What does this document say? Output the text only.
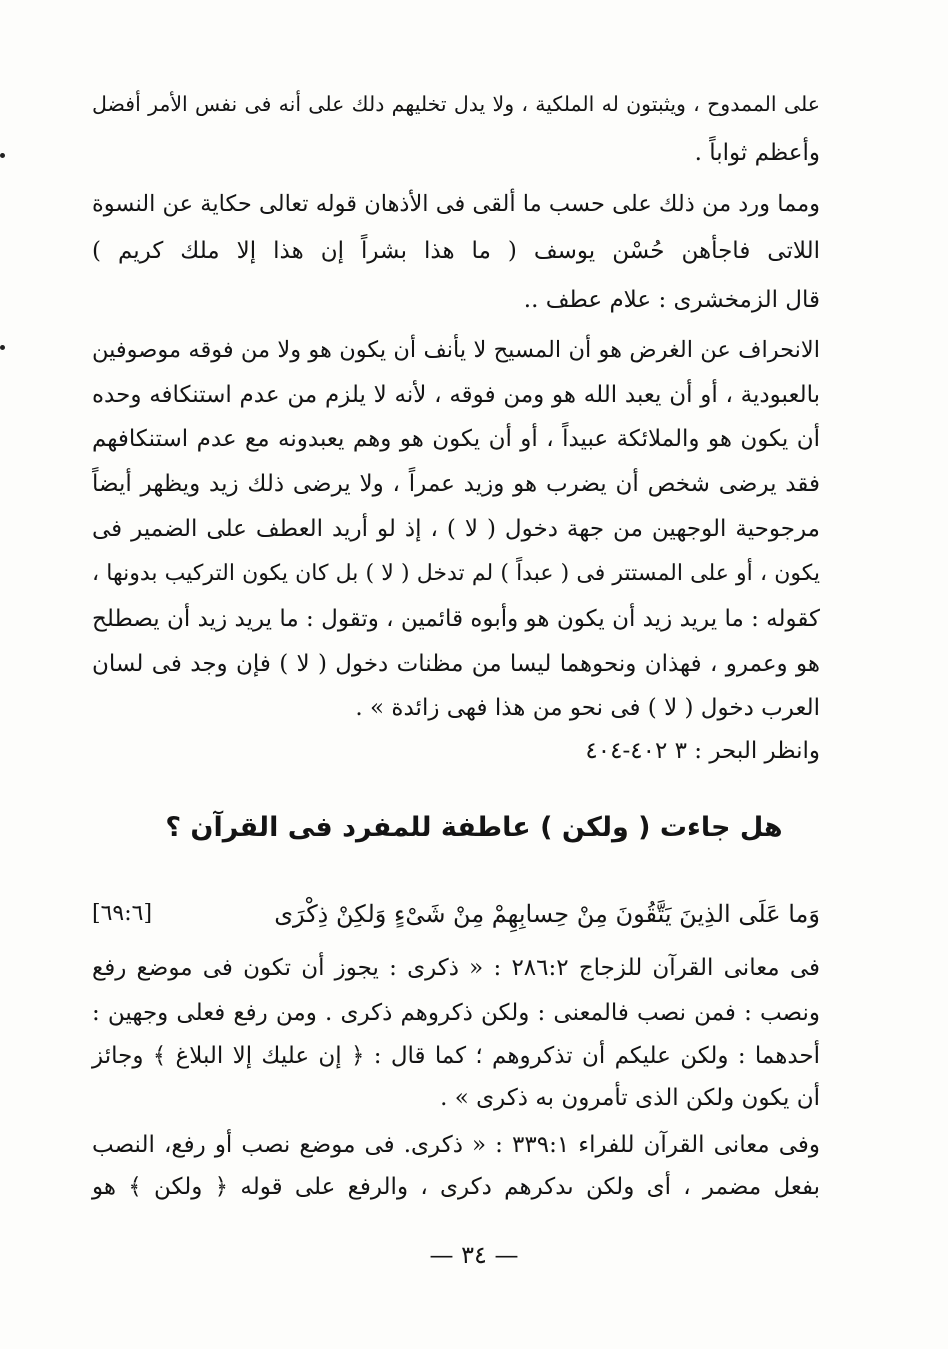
على الممدوح ، ويثبتون له الملكية ، ولا يدل تخليهم دلك على أنه فى نفس الأمر أفضل
وأعظم ثواباً .
ومما ورد من ذلك على حسب ما ألقى فى الأذهان قوله تعالى حكاية عن النسوة
اللاتى فاجأهن حُسْن يوسف ( ما هذا بشراً إن هذا إلا ملك كريم )
قال الزمخشرى : علام عطف ..
الانحراف عن الغرض هو أن المسيح لا يأنف أن يكون هو ولا من فوقه موصوفين
بالعبودية ، أو أن يعبد الله هو ومن فوقه ، لأنه لا يلزم من عدم استنكافه وحده
أن يكون هو والملائكة عبيداً ، أو أن يكون هو وهم يعبدونه مع عدم استنكافهم
فقد يرضى شخص أن يضرب هو وزيد عمراً ، ولا يرضى ذلك زيد ويظهر أيضاً
مرجوحية الوجهين من جهة دخول ( لا ) ، إذ لو أريد العطف على الضمير فى
يكون ، أو على المستتر فى ( عبداً ) لم تدخل ( لا ) بل كان يكون التركيب بدونها ،
كقوله : ما يريد زيد أن يكون هو وأبوه قائمين ، وتقول : ما يريد زيد أن يصطلح
هو وعمرو ، فهذان ونحوهما ليسا من مظنات دخول ( لا ) فإن وجد فى لسان
العرب دخول ( لا ) فى نحو من هذا فهى زائدة » .
وانظر البحر : ٣ ٤٠٢-٤٠٤
هل جاءت ( ولكن ) عاطفة للمفرد فى القرآن ؟
وَما عَلَى الذِينَ يَتَّقُونَ مِنْ حِسابِهِمْ مِنْ شَىْءٍ وَلكِنْ ذِكْرَى
[٦٩:٦]
فى معانى القرآن للزجاج ٢٨٦:٢ : « ذكرى : يجوز أن تكون فى موضع رفع
ونصب : فمن نصب فالمعنى : ولكن ذكروهم ذكرى . ومن رفع فعلى وجهين :
أحدهما : ولكن عليكم أن تذكروهم ؛ كما قال : ﴿ إن عليك إلا البلاغ ﴾ وجائز
أن يكون ولكن الذى تأمرون به ذكرى » .
وفى معانى القرآن للفراء ٣٣٩:١ : « ذكرى. فى موضع نصب أو رفع، النصب
بفعل مضمر ، أى ولكن ىدكرهم دكرى ، والرفع على قوله ﴿ ولكن ﴾ هو
— ٣٤ —
